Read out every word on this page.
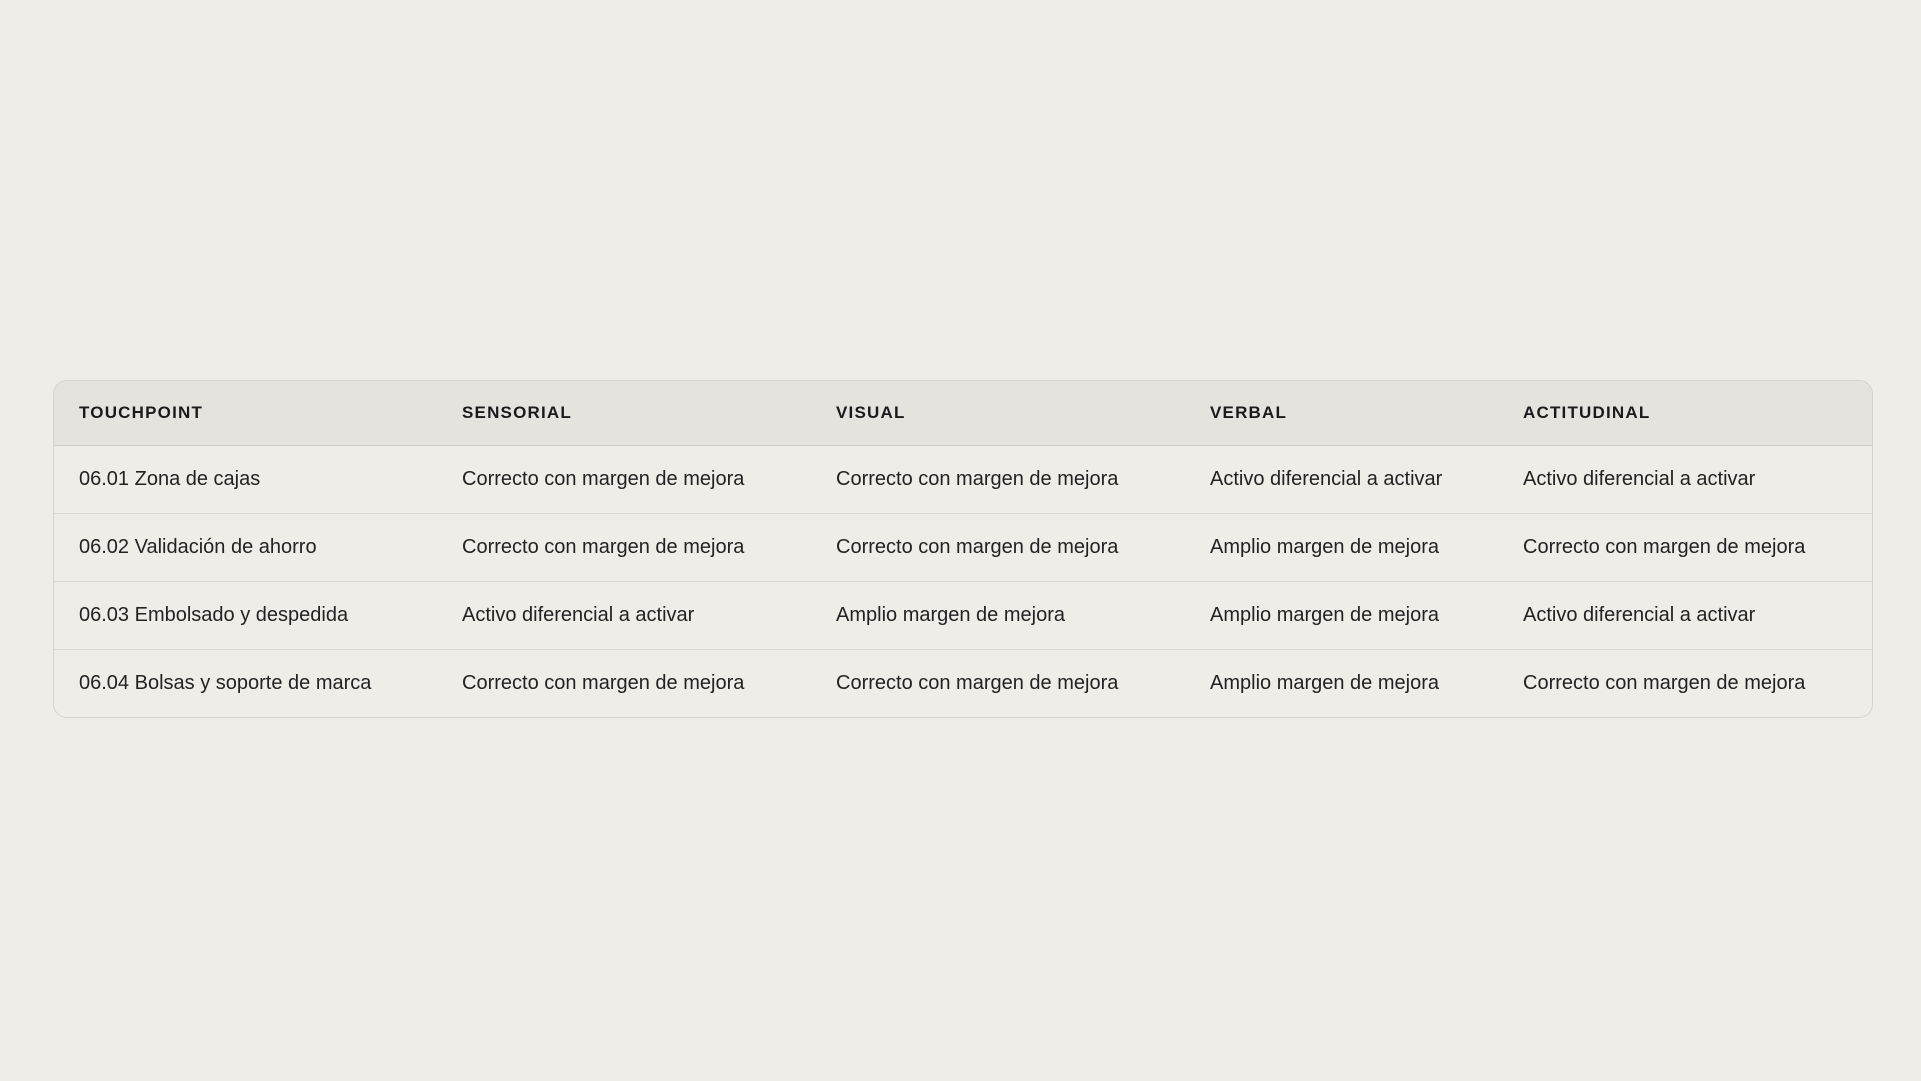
TOUCHPOINT	SENSORIAL	VISUAL	VERBAL	ACTITUDINAL
06.01 Zona de cajas	Correcto con margen de mejora	Correcto con margen de mejora	Activo diferencial a activar	Activo diferencial a activar
06.02 Validación de ahorro	Correcto con margen de mejora	Correcto con margen de mejora	Amplio margen de mejora	Correcto con margen de mejora
06.03 Embolsado y despedida	Activo diferencial a activar	Amplio margen de mejora	Amplio margen de mejora	Activo diferencial a activar
06.04 Bolsas y soporte de marca	Correcto con margen de mejora	Correcto con margen de mejora	Amplio margen de mejora	Correcto con margen de mejora
